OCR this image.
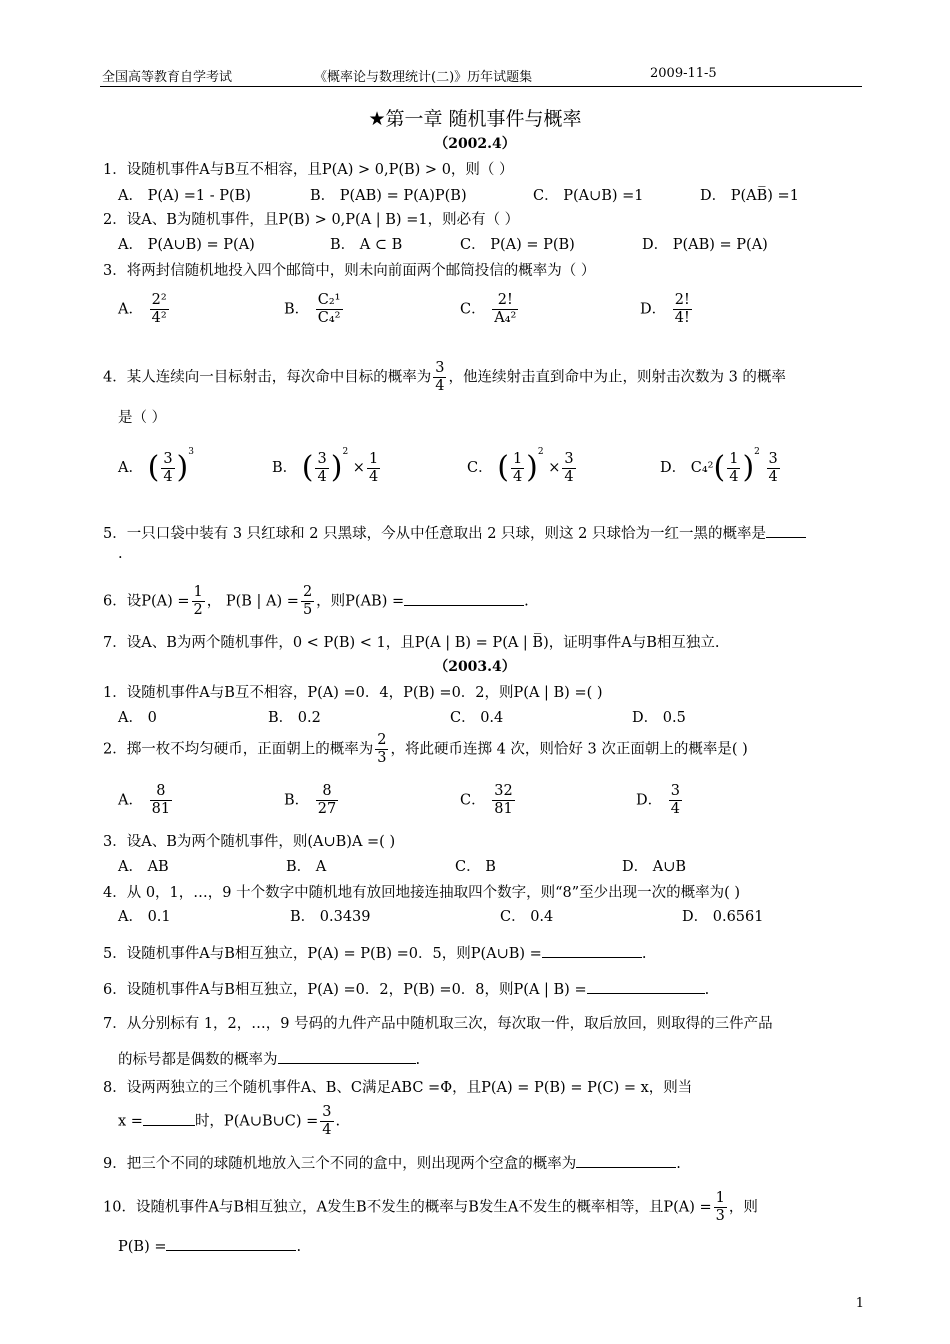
全国高等教育自学考试	《概率论与数理统计(二)》历年试题集	2009-11-5
★第一章 随机事件与概率
（2002.4）
1．设随机事件A与B互不相容，且P(A) > 0,P(B) > 0，则（ ）
A． P(A) =1 - P(B)	B． P(AB) = P(A)P(B)	C． P(A∪B) =1	D． P(AB̅) =1
2．设A、B为随机事件，且P(B) > 0,P(A | B) =1，则必有（ ）
A． P(A∪B) = P(A)	B． A ⊂ B	C． P(A) = P(B)	D． P(AB) = P(A)
3．将两封信随机地投入四个邮筒中，则未向前面两个邮筒投信的概率为（ ）
A． $\frac{\text{2²}}{\text{4²}}$	B． $\frac{\text{C₂¹}}{\text{C₄²}}$	C． $\frac{2!}{\text{A₄²}}$	D． $\frac{2!}{4!}$
4．某人连续向一目标射击，每次命中目标的概率为 $\frac{3}{4}$ ，他连续射击直到命中为止，则射击次数为 3 的概率
是（ ）
A． ( $\frac{3}{4} )^3$
B． ( $\frac{3}{4} )^2 \times \frac{1}{4}$	C． ( $\frac{1}{4} )^2 \times \frac{3}{4}$	D． $C_4^2( \frac{1}{4} )^2 \frac{3}{4}$
5．一只口袋中装有 3 只红球和 2 只黑球，今从中任意取出 2 只球，则这 2 只球恰为一红一黑的概率是
.
6．设$P(A) = \frac{1}{2}$ ， P(B | $A) = \frac{2}{5}$ ，则P(AB) =	.
7．设A、B为两个随机事件，0 < P(B) < 1，且P(A | B) = P(A | B̅)，证明事件A与B相互独立.
（2003.4）
1．设随机事件A与B互不相容，P(A) =0．4，P(B) =0．2，则P(A | B) =( )
A． 0	B． 0.2	C． 0.4	D． 0.5
2．掷一枚不均匀硬币，正面朝上的概率为 $\frac{2}{3}$ ，将此硬币连掷 4 次，则恰好 3 次正面朝上的概率是( )
A． $\frac{8}{81}$	B． $\frac{8}{27}$	C． $\frac{32}{81}$	D． $\frac{3}{4}$
3．设A、B为两个随机事件，则(A∪B)A =( )
A． AB	B． A	C． B	D． A∪B
4．从 0，1，…，9 十个数字中随机地有放回地接连抽取四个数字，则“8”至少出现一次的概率为( )
A． 0.1	B． 0.3439	C． 0.4	D． 0.6561
5．设随机事件A与B相互独立，P(A) = P(B) =0．5，则P(A∪B) =	.
6．设随机事件A与B相互独立，P(A) =0．2，P(B) =0．8，则P(A | B) =	.
7．从分别标有 1，2，…，9 号码的九件产品中随机取三次，每次取一件，取后放回，则取得的三件产品
的标号都是偶数的概率为	.
8．设两两独立的三个随机事件A、B、C满足ABC =Φ，且P(A) = P(B) = P(C) = x，则当
x =	时，P(A∪B∪C) = $\frac{3}{4}$ .
9．把三个不同的球随机地放入三个不同的盒中，则出现两个空盒的概率为	.
10．设随机事件A与B相互独立，A发生B不发生的概率与B发生A不发生的概率相等，且$P(A) = \frac{1}{3}$ ，则
P(B) =	.
1
